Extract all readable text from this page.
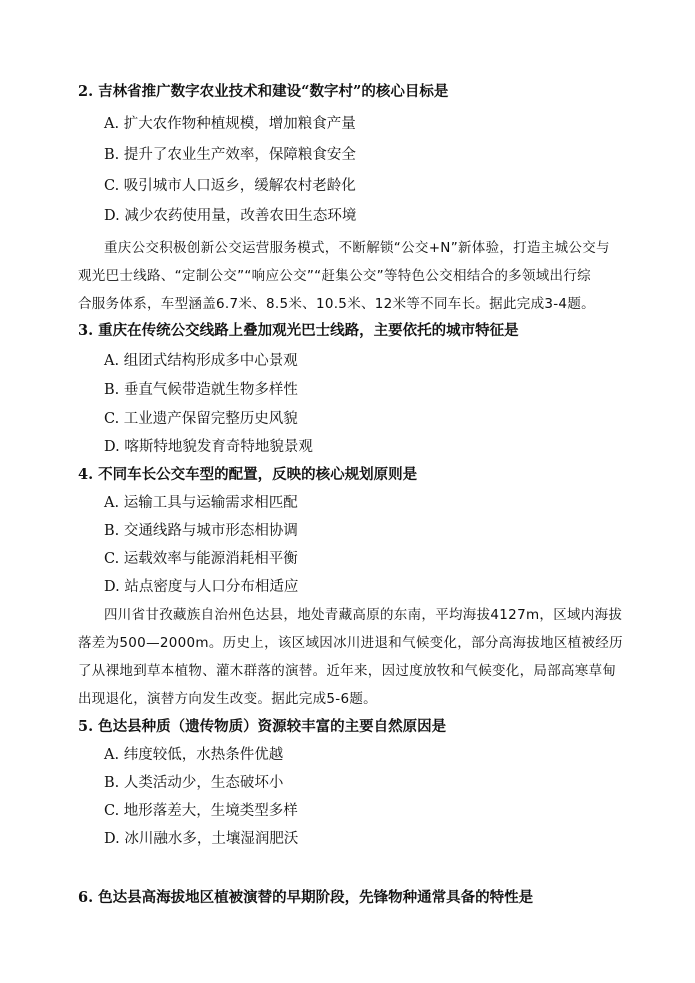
2. 吉林省推广数字农业技术和建设“数字村”的核心目标是
A. 扩大农作物种植规模，增加粮食产量
B. 提升了农业生产效率，保障粮食安全
C. 吸引城市人口返乡，缓解农村老龄化
D. 减少农药使用量，改善农田生态环境
重庆公交积极创新公交运营服务模式，不断解锁“公交+N”新体验，打造主城公交与
观光巴士线路、“定制公交”“响应公交”“赶集公交”等特色公交相结合的多领域出行综
合服务体系，车型涵盖6.7米、8.5米、10.5米、12米等不同车长。据此完成3-4题。
3. 重庆在传统公交线路上叠加观光巴士线路，主要依托的城市特征是
A. 组团式结构形成多中心景观
B. 垂直气候带造就生物多样性
C. 工业遗产保留完整历史风貌
D. 喀斯特地貌发育奇特地貌景观
4. 不同车长公交车型的配置，反映的核心规划原则是
A. 运输工具与运输需求相匹配
B. 交通线路与城市形态相协调
C. 运载效率与能源消耗相平衡
D. 站点密度与人口分布相适应
四川省甘孜藏族自治州色达县，地处青藏高原的东南，平均海拔4127m，区域内海拔
落差为500—2000m。历史上，该区域因冰川进退和气候变化，部分高海拔地区植被经历
了从裸地到草本植物、灌木群落的演替。近年来，因过度放牧和气候变化，局部高寒草甸
出现退化，演替方向发生改变。据此完成5-6题。
5. 色达县种质（遗传物质）资源较丰富的主要自然原因是
A. 纬度较低，水热条件优越
B. 人类活动少，生态破坏小
C. 地形落差大，生境类型多样
D. 冰川融水多，土壤湿润肥沃
6. 色达县高海拔地区植被演替的早期阶段，先锋物种通常具备的特性是
